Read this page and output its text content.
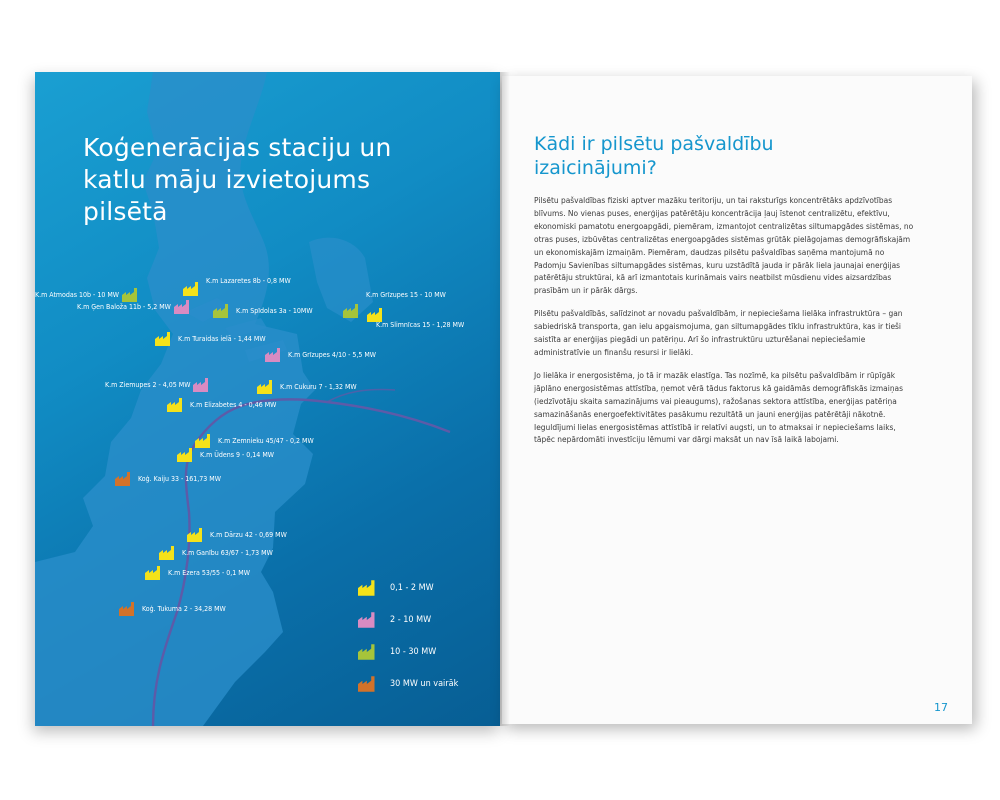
Koģenerācijas staciju un katlu māju izvietojums pilsētā
K.m Atmodas 10b - 10 MW
K.m Lazaretes 8b - 0,8 MW
K.m Ģen Baloža 11b - 5,2 MW	K.m Spīdolas 3a - 10MW
K.m Grīzupes 15 - 10 MW
K.m Slimnīcas 15 - 1,28 MW
K.m Turaidas ielā - 1,44 MW
K.m Grīzupes 4/10 - 5,5 MW
K.m Ziemupes 2 - 4,05 MW	K.m Cukuru 7 - 1,32 MW
K.m Elizabetes 4 - 0,46 MW
K.m Zemnieku 45/47 - 0,2 MW
K.m Ūdens 9 - 0,14 MW
Koģ. Kaiju 33 - 161,73 MW
K.m Dārzu 42 - 0,69 MW
K.m Ganību 63/67 - 1,73 MW
K.m Ezera 53/55 - 0,1 MW
Koģ. Tukuma 2 - 34,28 MW
0,1 - 2 MW
2 - 10 MW
10 - 30 MW
30 MW un vairāk
Kādi ir pilsētu pašvaldību izaicinājumi?

Pilsētu pašvaldības fiziski aptver mazāku teritoriju, un tai raksturīgs koncentrētāks apdzīvotības blīvums. No vienas puses, enerģijas patērētāju koncentrācija ļauj īstenot centralizētu, efektīvu, ekonomiski pamatotu energoapgādi, piemēram, izmantojot centralizētas siltumapgādes sistēmas, no otras puses, izbūvētas centralizētas energoapgādes sistēmas grūtāk pielāgojamas demogrāfiskajām un ekonomiskajām izmaiņām. Piemēram, daudzas pilsētu pašvaldības saņēma mantojumā no Padomju Savienības siltumapgādes sistēmas, kuru uzstādītā jauda ir pārāk liela jaunajai enerģijas patērētāju struktūrai, kā arī izmantotais kurināmais vairs neatbilst mūsdienu vides aizsardzības prasībām un ir pārāk dārgs.

Pilsētu pašvaldībās, salīdzinot ar novadu pašvaldībām, ir nepieciešama lielāka infrastruktūra – gan sabiedriskā transporta, gan ielu apgaismojuma, gan siltumapgādes tīklu infrastruktūra, kas ir tieši saistīta ar enerģijas piegādi un patēriņu. Arī šo infrastruktūru uzturēšanai nepieciešamie administratīvie un finanšu resursi ir lielāki.

Jo lielāka ir energosistēma, jo tā ir mazāk elastīga. Tas nozīmē, ka pilsētu pašvaldībām ir rūpīgāk jāplāno energosistēmas attīstība, ņemot vērā tādus faktorus kā gaidāmās demogrāfiskās izmaiņas (iedzīvotāju skaita samazinājums vai pieaugums), ražošanas sektora attīstība, enerģijas patēriņa samazināšanās energoefektivitātes pasākumu rezultātā un jauni enerģijas patērētāji nākotnē. Ieguldījumi lielas energosistēmas attīstībā ir relatīvi augsti, un to atmaksai ir nepieciešams laiks, tāpēc nepārdomāti investīciju lēmumi var dārgi maksāt un nav īsā laikā labojami.

17
